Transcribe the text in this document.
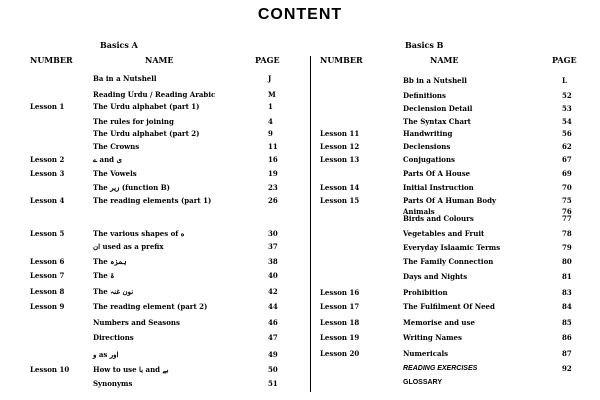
CONTENT
Basics A	Basics B
NUMBER	NAME	PAGE	NUMBER	NAME	PAGE
Ba in a Nutshell	J
Reading Urdu / Reading Arabic	M
Lesson 1	The Urdu alphabet (part 1)	1
The rules for joining	4
The Urdu alphabet (part 2)	9
The Crowns	11
Lesson 2	ے and ی	16
Lesson 3	The Vowels	19
The زیر (function B)	23
Lesson 4	The reading elements (part 1)	26
Lesson 5	The various shapes of ه	30
ان used as a prefix	37
Lesson 6	The ہمزہ	38
Lesson 7	The ۃ	40
Lesson 8	The نون غنہ	42
Lesson 9	The reading element (part 2)	44
Numbers and Seasons	46
Directions	47
و as اور	49
Lesson 10	How to use با and بے	50
Synonyms	51
Bb in a Nutshell	L
Definitions	52
Declension Detail	53
The Syntax Chart	54
Lesson 11	Handwriting	56
Lesson 12	Declensions	62
Lesson 13	Conjugations	67
Parts Of A House	69
Lesson 14	Initial Instruction	70
Lesson 15	Parts Of A Human Body	75
Animals	76
Birds and Colours	77
Vegetables and Fruit	78
Everyday Islaamic Terms	79
The Family Connection	80
Days and Nights	81
Lesson 16	Prohibition	83
Lesson 17	The Fulfilment Of Need	84
Lesson 18	Memorise and use	85
Lesson 19	Writing Names	86
Lesson 20	Numericals	87
READING EXERCISES	92
GLOSSARY
